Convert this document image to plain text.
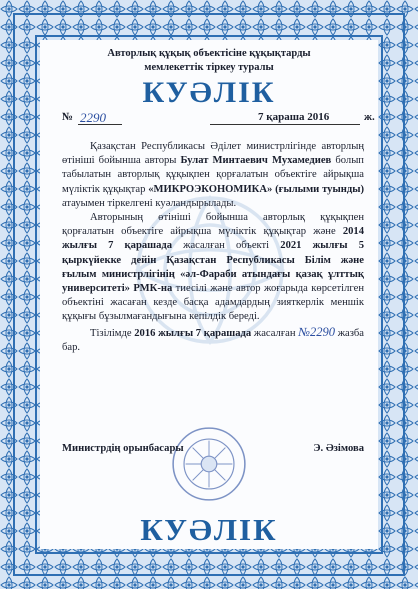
Авторлық құқық объектісіне құқықтарды
мемлекеттік тіркеу туралы
КУӘЛІК
№ 2290	7 қараша 2016	ж.

Қазақстан Республикасы Әділет министрлігінде авторлың өтініші бойынша авторы Булат Минтаевич Мухамедиев болып табылатын авторлық құқықпен қорғалатын объектіге айрықша мүліктік құқықтар «МИКРОЭКОНОМИКА» (ғылыми туынды) атауымен тіркелгені куәландырылады.

Авторының өтініші бойынша авторлық құқықпен қорғалатын объектіге айрықша мүліктік құқықтар және 2014 жылғы 7 қарашада жасалған объекті 2021 жылғы 5 қыркүйекке дейін Қазақстан Республикасы Білім және ғылым министрлігінің «әл-Фараби атындағы қазақ ұлттық университеті» РМК-на тиесілі және автор жоғарыда көрсетілген объектіні жасаған кезде басқа адамдардың зияткерлік меншік құқығы бұзылмағандығына кепілдік береді.

Тізілімде 2016 жылғы 7 қарашада жасалған №2290 жазба бар.

Министрдің орынбасары	Э. Әзімова
КУӘЛІК
